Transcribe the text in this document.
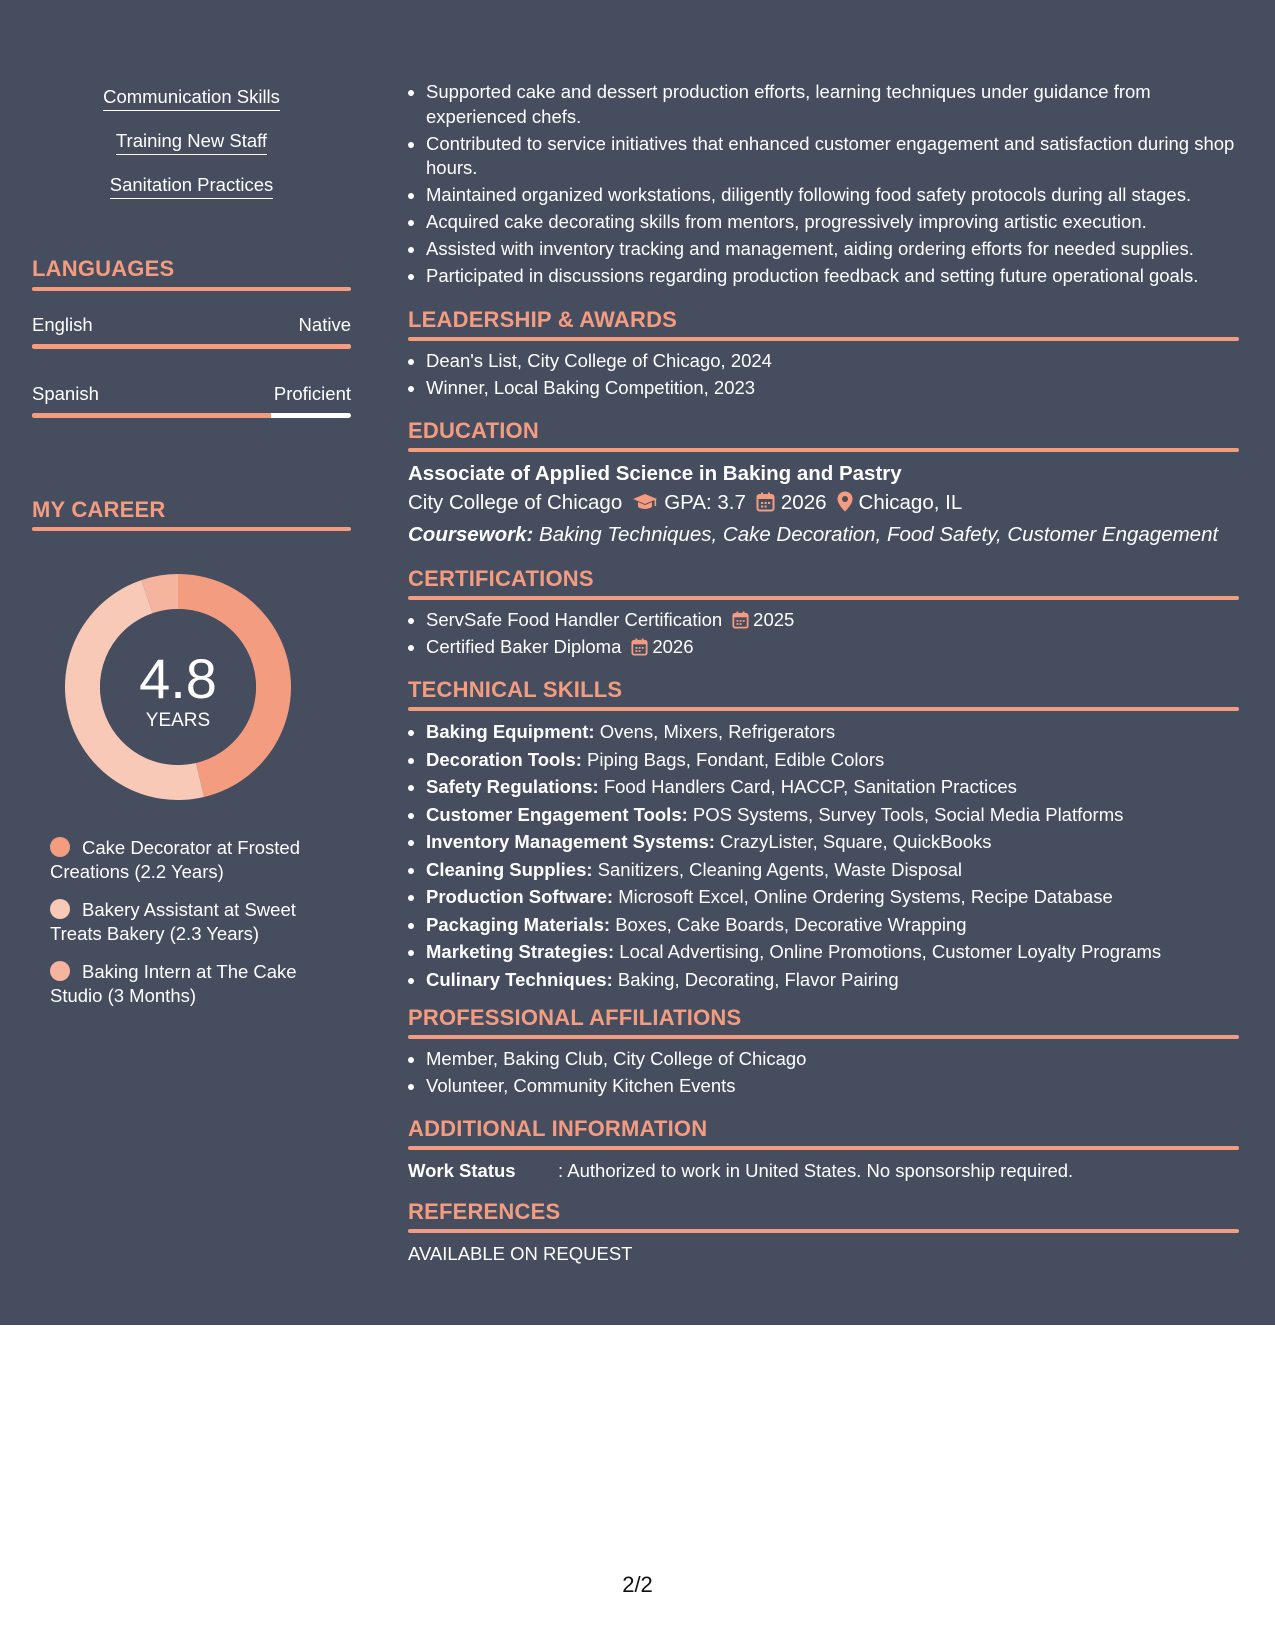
Communication Skills
Training New Staff
Sanitation Practices
LANGUAGES
English	Native
Spanish	Proficient
MY CAREER
4.8
YEARS
Cake Decorator at Frosted Creations (2.2 Years)
Bakery Assistant at Sweet Treats Bakery (2.3 Years)
Baking Intern at The Cake Studio (3 Months)
• Supported cake and dessert production efforts, learning techniques under guidance from experienced chefs.
• Contributed to service initiatives that enhanced customer engagement and satisfaction during shop hours.
• Maintained organized workstations, diligently following food safety protocols during all stages.
• Acquired cake decorating skills from mentors, progressively improving artistic execution.
• Assisted with inventory tracking and management, aiding ordering efforts for needed supplies.
• Participated in discussions regarding production feedback and setting future operational goals.
LEADERSHIP & AWARDS
• Dean's List, City College of Chicago, 2024
• Winner, Local Baking Competition, 2023
EDUCATION
Associate of Applied Science in Baking and Pastry
City College of Chicago GPA: 3.7 2026 Chicago, IL
Coursework: Baking Techniques, Cake Decoration, Food Safety, Customer Engagement
CERTIFICATIONS
• ServSafe Food Handler Certification 2025
• Certified Baker Diploma 2026
TECHNICAL SKILLS
• Baking Equipment: Ovens, Mixers, Refrigerators
• Decoration Tools: Piping Bags, Fondant, Edible Colors
• Safety Regulations: Food Handlers Card, HACCP, Sanitation Practices
• Customer Engagement Tools: POS Systems, Survey Tools, Social Media Platforms
• Inventory Management Systems: CrazyLister, Square, QuickBooks
• Cleaning Supplies: Sanitizers, Cleaning Agents, Waste Disposal
• Production Software: Microsoft Excel, Online Ordering Systems, Recipe Database
• Packaging Materials: Boxes, Cake Boards, Decorative Wrapping
• Marketing Strategies: Local Advertising, Online Promotions, Customer Loyalty Programs
• Culinary Techniques: Baking, Decorating, Flavor Pairing
PROFESSIONAL AFFILIATIONS
• Member, Baking Club, City College of Chicago
• Volunteer, Community Kitchen Events
ADDITIONAL INFORMATION
Work Status : Authorized to work in United States. No sponsorship required.
REFERENCES
AVAILABLE ON REQUEST
2/2
